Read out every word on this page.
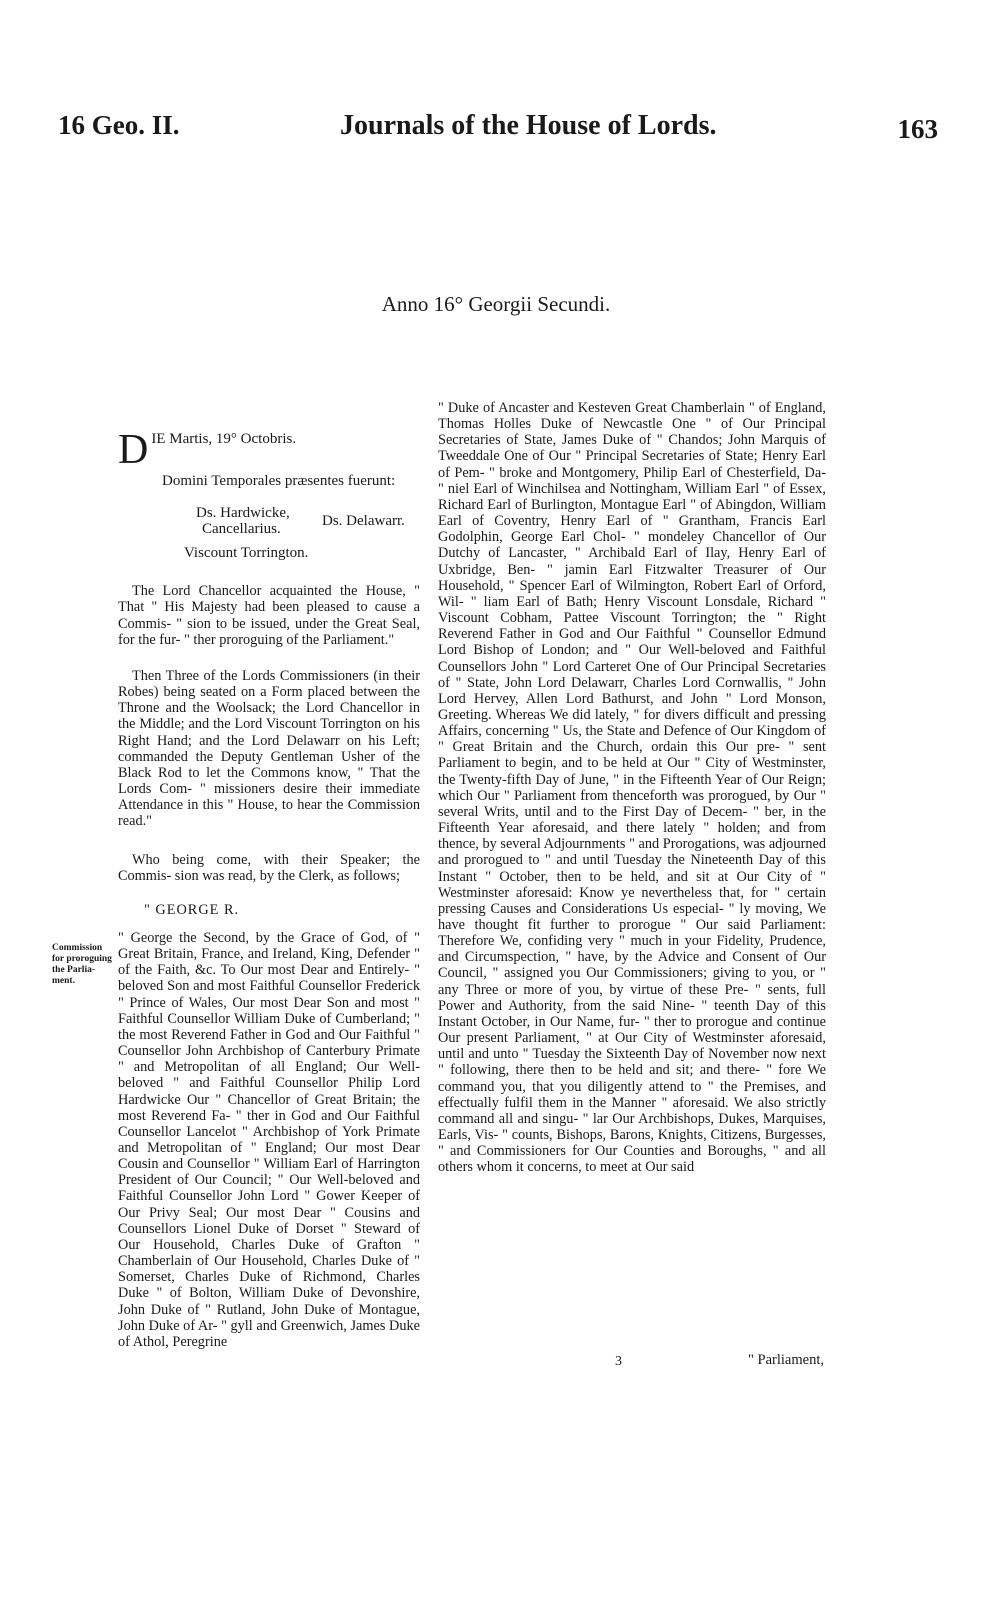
16 Geo. II.	Journals of the House of Lords.	163
Anno 16° Georgii Secundi.

D IE Martis, 19° Octobris.

Domini Temporales præsentes fuerunt:

Ds. Hardwicke,
Cancellarius.	Ds. Delawarr.
Viscount Torrington.

The Lord Chancellor acquainted the House, " That " His Majesty had been pleased to cause a Commis- " sion to be issued, under the Great Seal, for the fur- " ther proroguing of the Parliament."

Then Three of the Lords Commissioners (in their Robes) being seated on a Form placed between the Throne and the Woolsack; the Lord Chancellor in the Middle; and the Lord Viscount Torrington on his Right Hand; and the Lord Delawarr on his Left; commanded the Deputy Gentleman Usher of the Black Rod to let the Commons know, " That the Lords Com- " missioners desire their immediate Attendance in this " House, to hear the Commission read."

Who being come, with their Speaker; the Commis- sion was read, by the Clerk, as follows;

" GEORGE R.

" George the Second, by the Grace of God, of " Great Britain, France, and Ireland, King, Defender " of the Faith, &c. To Our most Dear and Entirely- " beloved Son and most Faithful Counsellor Frederick " Prince of Wales, Our most Dear Son and most " Faithful Counsellor William Duke of Cumberland; " the most Reverend Father in God and Our Faithful " Counsellor John Archbishop of Canterbury Primate " and Metropolitan of all England; Our Well-beloved " and Faithful Counsellor Philip Lord Hardwicke Our " Chancellor of Great Britain; the most Reverend Fa- " ther in God and Our Faithful Counsellor Lancelot " Archbishop of York Primate and Metropolitan of " England; Our most Dear Cousin and Counsellor " William Earl of Harrington President of Our Council; " Our Well-beloved and Faithful Counsellor John Lord " Gower Keeper of Our Privy Seal; Our most Dear " Cousins and Counsellors Lionel Duke of Dorset " Steward of Our Household, Charles Duke of Grafton " Chamberlain of Our Household, Charles Duke of " Somerset, Charles Duke of Richmond, Charles Duke " of Bolton, William Duke of Devonshire, John Duke of " Rutland, John Duke of Montague, John Duke of Ar- " gyll and Greenwich, James Duke of Athol, Peregrine

Commission for proroguing the Parlia- ment.

" Duke of Ancaster and Kesteven Great Chamberlain " of England, Thomas Holles Duke of Newcastle One " of Our Principal Secretaries of State, James Duke of " Chandos; John Marquis of Tweeddale One of Our " Principal Secretaries of State; Henry Earl of Pem- " broke and Montgomery, Philip Earl of Chesterfield, Da- " niel Earl of Winchilsea and Nottingham, William Earl " of Essex, Richard Earl of Burlington, Montague Earl " of Abingdon, William Earl of Coventry, Henry Earl of " Grantham, Francis Earl Godolphin, George Earl Chol- " mondeley Chancellor of Our Dutchy of Lancaster, " Archibald Earl of Ilay, Henry Earl of Uxbridge, Ben- " jamin Earl Fitzwalter Treasurer of Our Household, " Spencer Earl of Wilmington, Robert Earl of Orford, Wil- " liam Earl of Bath; Henry Viscount Lonsdale, Richard " Viscount Cobham, Pattee Viscount Torrington; the " Right Reverend Father in God and Our Faithful " Counsellor Edmund Lord Bishop of London; and " Our Well-beloved and Faithful Counsellors John " Lord Carteret One of Our Principal Secretaries of " State, John Lord Delawarr, Charles Lord Cornwallis, " John Lord Hervey, Allen Lord Bathurst, and John " Lord Monson, Greeting. Whereas We did lately, " for divers difficult and pressing Affairs, concerning " Us, the State and Defence of Our Kingdom of " Great Britain and the Church, ordain this Our pre- " sent Parliament to begin, and to be held at Our " City of Westminster, the Twenty-fifth Day of June, " in the Fifteenth Year of Our Reign; which Our " Parliament from thenceforth was prorogued, by Our " several Writs, until and to the First Day of Decem- " ber, in the Fifteenth Year aforesaid, and there lately " holden; and from thence, by several Adjournments " and Prorogations, was adjourned and prorogued to " and until Tuesday the Nineteenth Day of this Instant " October, then to be held, and sit at Our City of " Westminster aforesaid: Know ye nevertheless that, for " certain pressing Causes and Considerations Us especial- " ly moving, We have thought fit further to prorogue " Our said Parliament: Therefore We, confiding very " much in your Fidelity, Prudence, and Circumspection, " have, by the Advice and Consent of Our Council, " assigned you Our Commissioners; giving to you, or " any Three or more of you, by virtue of these Pre- " sents, full Power and Authority, from the said Nine- " teenth Day of this Instant October, in Our Name, fur- " ther to prorogue and continue Our present Parliament, " at Our City of Westminster aforesaid, until and unto " Tuesday the Sixteenth Day of November now next " following, there then to be held and sit; and there- " fore We command you, that you diligently attend to " the Premises, and effectually fulfil them in the Manner " aforesaid. We also strictly command all and singu- " lar Our Archbishops, Dukes, Marquises, Earls, Vis- " counts, Bishops, Barons, Knights, Citizens, Burgesses, " and Commissioners for Our Counties and Boroughs, " and all others whom it concerns, to meet at Our said

3	" Parliament,
